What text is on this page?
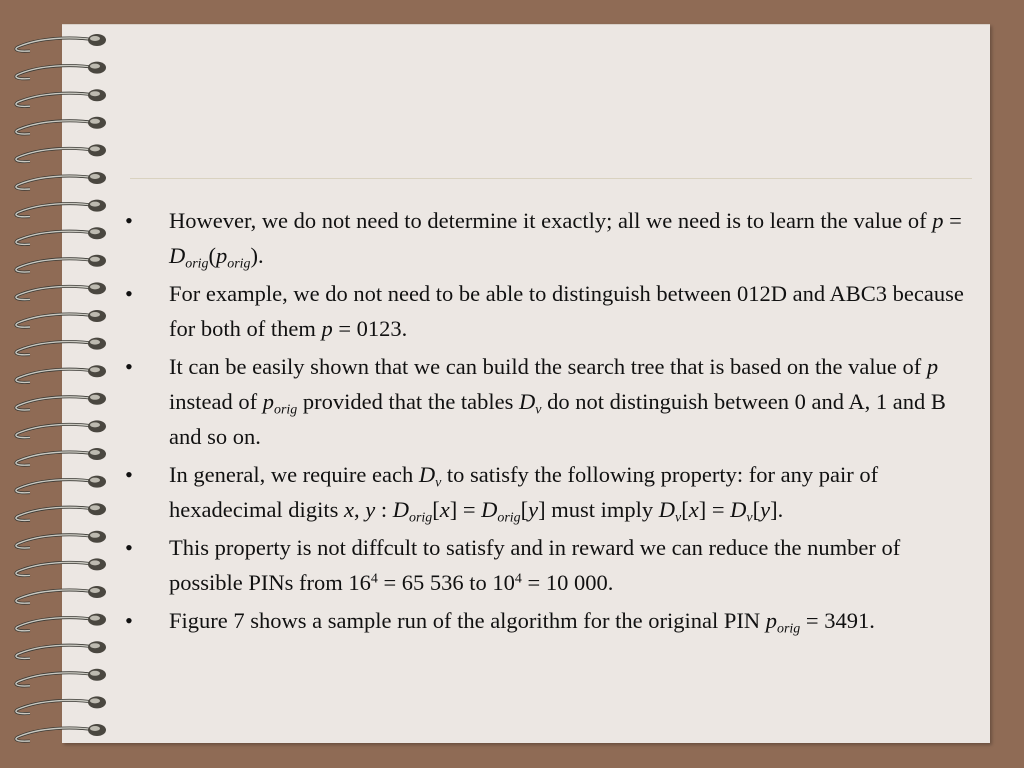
•	However, we do not need to determine it exactly; all we need is to learn the value of $p = D_{orig}(p_{orig})$.
•	For example, we do not need to be able to distinguish between 012D and ABC3 because for both of them p = 0123.
•	It can be easily shown that we can build the search tree that is based on the value of p instead of $p_{orig}$ provided that the tables $D_v$ do not distinguish between 0 and A, 1 and B and so on.
•	In general, we require each $D_v$ to satisfy the following property: for any pair of hexadecimal digits x, y : $D_{orig}[x] = D_{orig}[y]$ must imply $D_v[x] = D_v[y]$.
•	This property is not diffcult to satisfy and in reward we can reduce the number of possible PINs from $16^4 = 65$ 536 to $10^4 = 10$ 000.
•	Figure 7 shows a sample run of the algorithm for the original PIN $p_{orig} = 3491$.
